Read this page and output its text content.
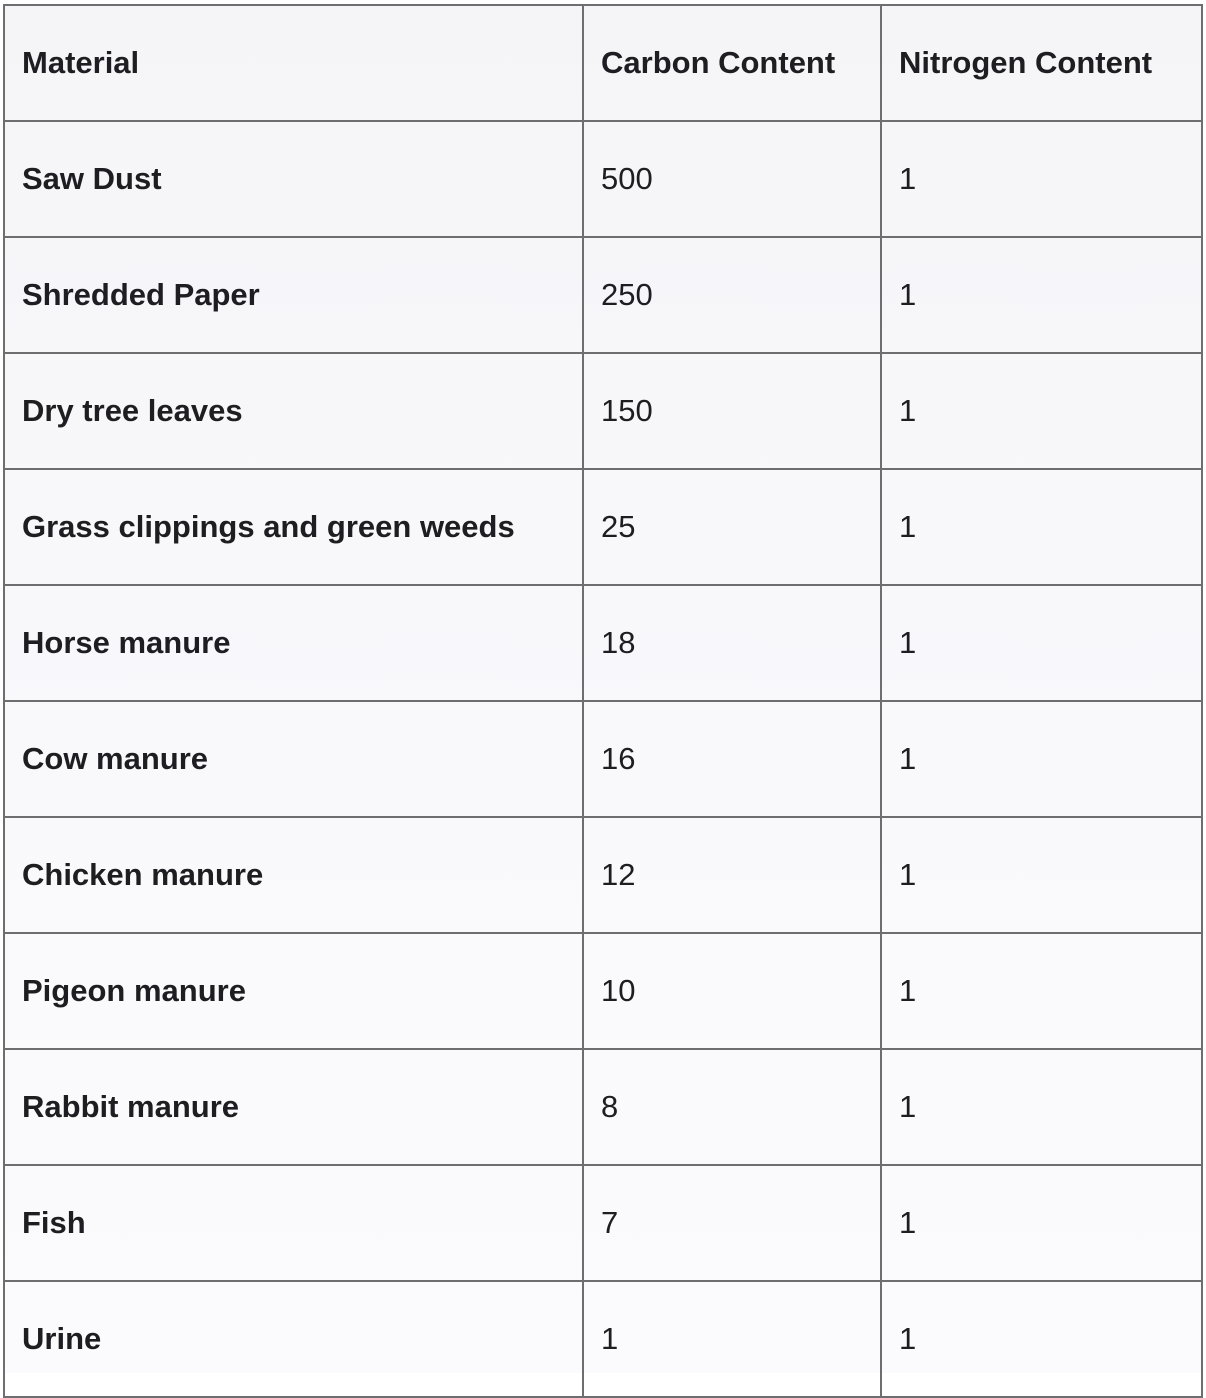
Material	Carbon Content	Nitrogen Content
Saw Dust	500	1
Shredded Paper	250	1
Dry tree leaves	150	1
Grass clippings and green weeds	25	1
Horse manure	18	1
Cow manure	16	1
Chicken manure	12	1
Pigeon manure	10	1
Rabbit manure	8	1
Fish	7	1
Urine	1	1
